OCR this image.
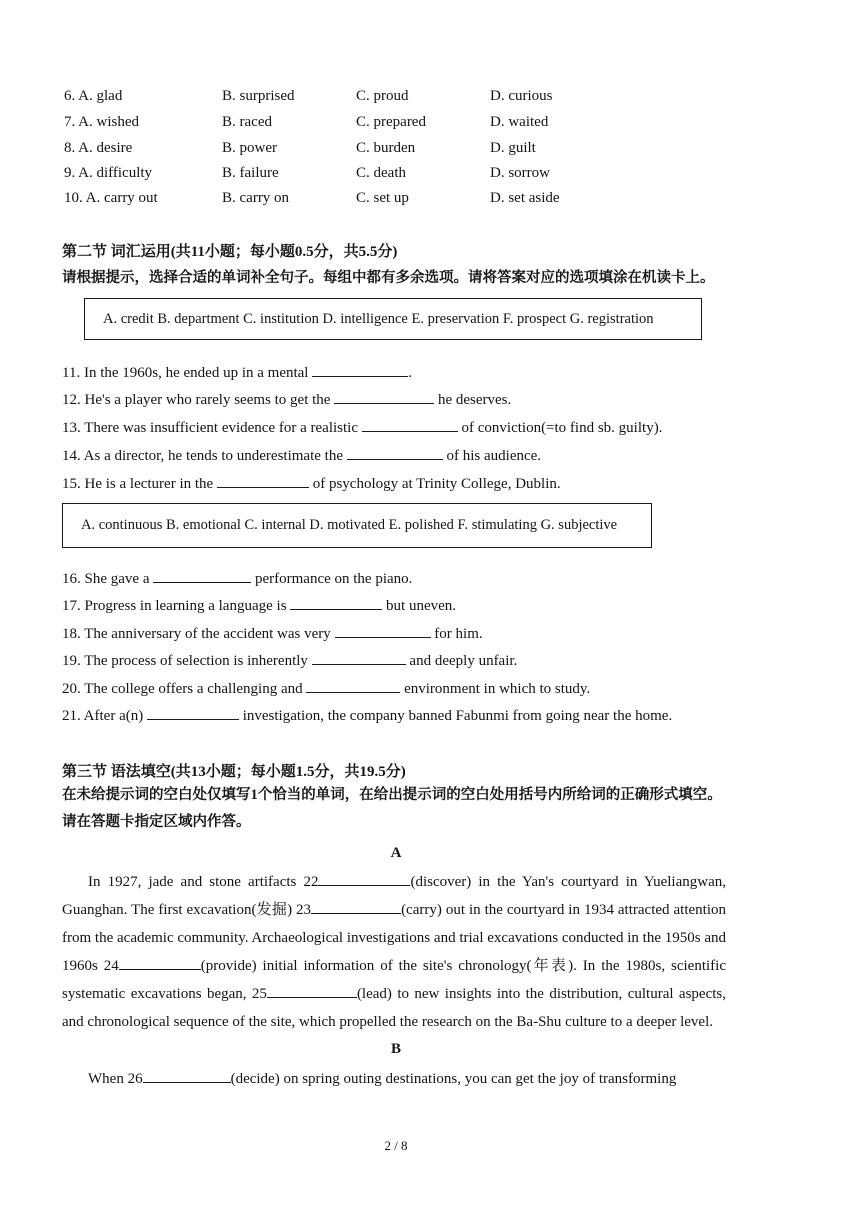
6. A. glad	B. surprised	C. proud	D. curious
7. A. wished	B. raced	C. prepared	D. waited
8. A. desire	B. power	C. burden	D. guilt
9. A. difficulty	B. failure	C. death	D. sorrow
10. A. carry out	B. carry on	C. set up	D. set aside
第二节 词汇运用(共11小题；每小题0.5分，共5.5分)
请根据提示，选择合适的单词补全句子。每组中都有多余选项。请将答案对应的选项填涂在机读卡上。
A. credit B. department C. institution D. intelligence E. preservation F. prospect G. registration
11. In the 1960s, he ended up in a mental	.
12. He's a player who rarely seems to get the	he deserves.
13. There was insufficient evidence for a realistic	of conviction(=to find sb. guilty).
14. As a director, he tends to underestimate the	of his audience.
15. He is a lecturer in the	of psychology at Trinity College, Dublin.
A. continuous B. emotional C. internal D. motivated E. polished F. stimulating G. subjective
16. She gave a	performance on the piano.
17. Progress in learning a language is	but uneven.
18. The anniversary of the accident was very	for him.
19. The process of selection is inherently	and deeply unfair.
20. The college offers a challenging and	environment in which to study.
21. After a(n)	investigation, the company banned Fabunmi from going near the home.
第三节 语法填空(共13小题；每小题1.5分，共19.5分)
在未给提示词的空白处仅填写1个恰当的单词，在给出提示词的空白处用括号内所给词的正确形式填空。请在答题卡指定区域内作答。
A
In 1927, jade and stone artifacts 22	(discover) in the Yan's courtyard in Yueliangwan, Guanghan. The first excavation(发掘) 23	(carry) out in the courtyard in 1934 attracted attention from the academic community. Archaeological investigations and trial excavations conducted in the 1950s and 1960s 24	(provide) initial information of the site's chronology(年表). In the 1980s, scientific systematic excavations began, 25	(lead) to new insights into the distribution, cultural aspects, and chronological sequence of the site, which propelled the research on the Ba-Shu culture to a deeper level.
B
When 26	(decide) on spring outing destinations, you can get the joy of transforming
2 / 8
